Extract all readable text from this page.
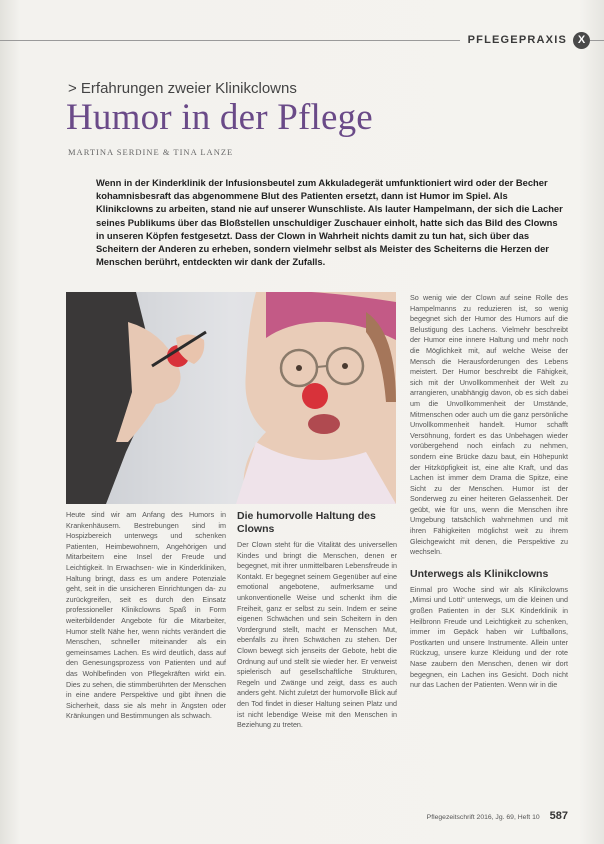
PFLEGEPRAXIS X
> Erfahrungen zweier Klinikclowns
Humor in der Pflege
MARTINA SERDINE & TINA LANZE

Wenn in der Kinderklinik der Infusionsbeutel zum Akkuladegerät umfunktioniert wird oder der Becher kohamnisbesraft das abgenommene Blut des Patienten ersetzt, dann ist Humor im Spiel. Als Klinikclowns zu arbeiten, stand nie auf unserer Wunschliste. Als lauter Hampelmann, der sich die Lacher seines Publikums über das Bloßstellen unschuldiger Zuschauer einholt, hatte sich das Bild des Clowns in unseren Köpfen festgesetzt. Dass der Clown in Wahrheit nichts damit zu tun hat, sich über das Scheitern der Anderen zu erheben, sondern vielmehr selbst als Meister des Scheiterns die Herzen der Menschen berührt, entdeckten wir dank der Zufalls.

Heute sind wir am Anfang des Humors in Krankenhäusern. Bestrebungen sind im Hospizbereich unterwegs und schenken Patienten, Heimbewohnern, Angehörigen und Mitarbeitern eine Insel der Freude und Leichtigkeit. In Erwachsen- wie in Kinderkliniken, Haltung bringt, dass es um andere Potenziale geht, seit in die unsicheren Einrichtungen da- zu zurückgreifen, seit es durch den Einsatz professioneller Klinikclowns Spaß in Form weiterbildender Angebote für die Mitarbeiter, Humor stellt Nähe her, wenn nichts verändert die Menschen, schneller miteinander als ein gemeinsames Lachen. Es wird deutlich, dass auf den Genesungsprozess von Patienten und auf das Wohlbefinden von Pflegekräften wirkt ein. Dies zu sehen, die stimmberührten der Menschen in eine andere Perspektive und gibt ihnen die Sicherheit, dass sie als mehr in Ängsten oder Kränkungen und Bestimmungen als schwach.

Die humorvolle Haltung des Clowns

Der Clown steht für die Vitalität des universellen Kindes und bringt die Menschen, denen er begegnet, mit ihrer unmittelbaren Lebensfreude in Kontakt. Er begegnet seinem Gegenüber auf eine emotional angebotene, aufmerksame und unkonventionelle Weise und schenkt ihm die Freiheit, ganz er selbst zu sein. Indem er seine eigenen Schwächen und sein Scheitern in den Vordergrund stellt, macht er Menschen Mut, ebenfalls zu ihren Schwächen zu stehen. Der Clown bewegt sich jenseits der Gebote, hebt die Ordnung auf und stellt sie wieder her. Er verweist spielerisch auf gesellschaftliche Strukturen, Regeln und Zwänge und zeigt, dass es auch anders geht. Nicht zuletzt der humorvolle Blick auf den Tod findet in dieser Haltung seinen Platz und ist nicht lebendige Weise mit den Menschen in Beziehung zu treten.

So wenig wie der Clown auf seine Rolle des Hampelmanns zu reduzieren ist, so wenig begegnet sich der Humor des Humors auf die Belustigung des Lachens. Vielmehr beschreibt der Humor eine innere Haltung und mehr noch die Möglichkeit mit, auf welche Weise der Mensch die Herausforderungen des Lebens meistert. Der Humor beschreibt die Fähigkeit, sich mit der Unvollkommenheit der Welt zu arrangieren, unabhängig davon, ob es sich dabei um die Unvollkommenheit der Umstände, Mitmenschen oder auch um die ganz persönliche Unvollkommenheit handelt. Humor schafft Versöhnung, fordert es das Unbehagen wieder vorübergehend noch einfach zu nehmen, sondern eine Brücke dazu baut, ein Höhepunkt der Hitzköpfigkeit ist, eine alte Kraft, und das Lachen ist immer dem Drama die Spitze, eine Sicht zu der Menschen. Humor ist der Sonderweg zu einer heiteren Gelassenheit. Der geübt, wie für uns, wenn die Menschen ihre Umgebung tatsächlich wahrnehmen und mit ihren Fähigkeiten möglichst weit zu ihrem Gleichgewicht mit denen, die Perspektive zu wechseln.

Unterwegs als Klinikclowns

Einmal pro Woche sind wir als Klinikclowns „Mimsi und Lotti“ unterwegs, um die kleinen und großen Patienten in der SLK Kinderklinik in Heilbronn Freude und Leichtigkeit zu schenken, immer im Gepäck haben wir Luftballons, Postkarten und unsere Instrumente. Allein unter Rückzug, unsere kurze Kleidung und der rote Nase zaubern den Menschen, denen wir dort begegnen, ein Lachen ins Gesicht. Doch nicht nur das Lachen der Patienten. Wenn wir in die

Pflegezeitschrift 2016, Jg. 69, Heft 10 587
